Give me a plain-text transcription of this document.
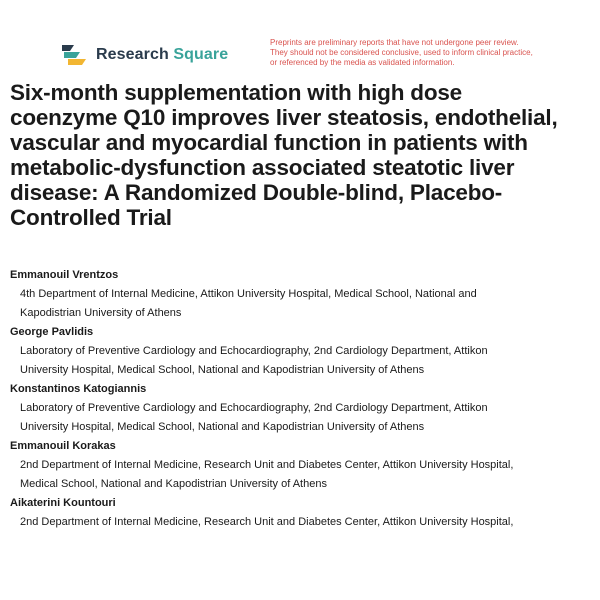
Research Square
Preprints are preliminary reports that have not undergone peer review.
They should not be considered conclusive, used to inform clinical practice,
or referenced by the media as validated information.
Six-month supplementation with high dose
coenzyme Q10 improves liver steatosis, endothelial,
vascular and myocardial function in patients with
metabolic-dysfunction associated steatotic liver
disease: A Randomized Double-blind, Placebo-
Controlled Trial
Emmanouil Vrentzos
4th Department of Internal Medicine, Attikon University Hospital, Medical School, National and
Kapodistrian University of Athens
George Pavlidis
Laboratory of Preventive Cardiology and Echocardiography, 2nd Cardiology Department, Attikon
University Hospital, Medical School, National and Kapodistrian University of Athens
Konstantinos Katogiannis
Laboratory of Preventive Cardiology and Echocardiography, 2nd Cardiology Department, Attikon
University Hospital, Medical School, National and Kapodistrian University of Athens
Emmanouil Korakas
2nd Department of Internal Medicine, Research Unit and Diabetes Center, Attikon University Hospital,
Medical School, National and Kapodistrian University of Athens
Aikaterini Kountouri
2nd Department of Internal Medicine, Research Unit and Diabetes Center, Attikon University Hospital,
